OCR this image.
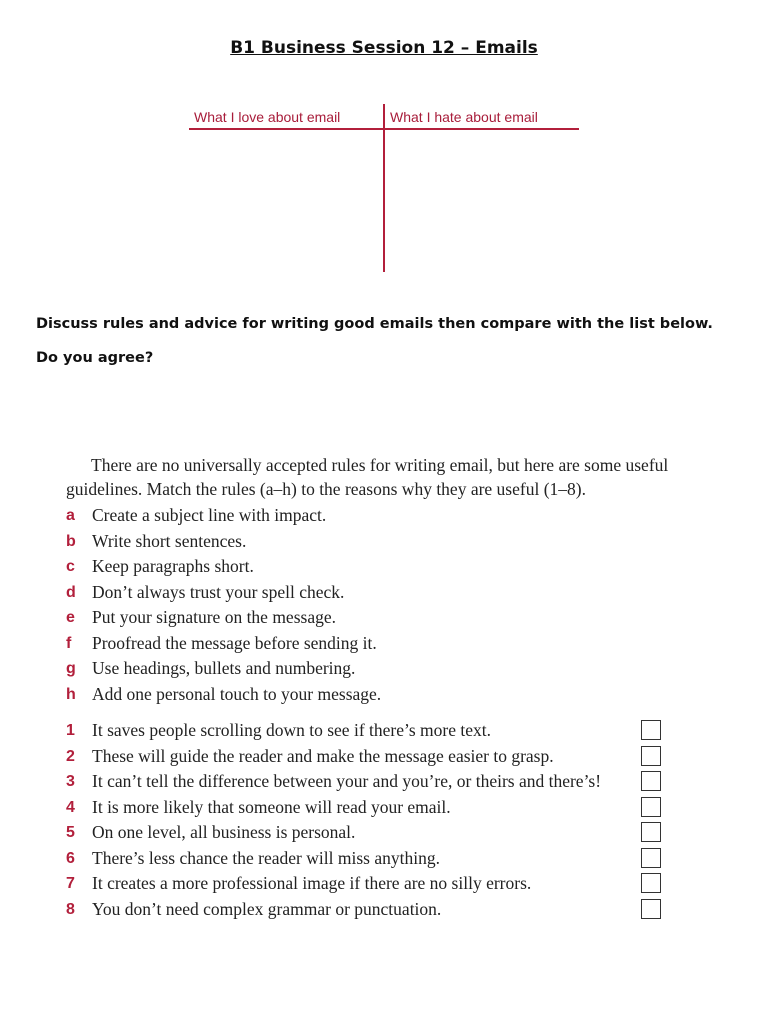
B1 Business Session 12 – Emails
What I love about email	What I hate about email
Discuss rules and advice for writing good emails then compare with the list below.
Do you agree?
There are no universally accepted rules for writing email, but here are some useful
guidelines. Match the rules (a–h) to the reasons why they are useful (1–8).
a Create a subject line with impact.
b Write short sentences.
c Keep paragraphs short.
d Don’t always trust your spell check.
e Put your signature on the message.
f	Proofread the message before sending it.
g Use headings, bullets and numbering.
h Add one personal touch to your message.
1 It saves people scrolling down to see if there’s more text.
2 These will guide the reader and make the message easier to grasp.
3 It can’t tell the difference between your and you’re, or theirs and there’s!
4 It is more likely that someone will read your email.
5 On one level, all business is personal.
6 There’s less chance the reader will miss anything.
7 It creates a more professional image if there are no silly errors.
8 You don’t need complex grammar or punctuation.
